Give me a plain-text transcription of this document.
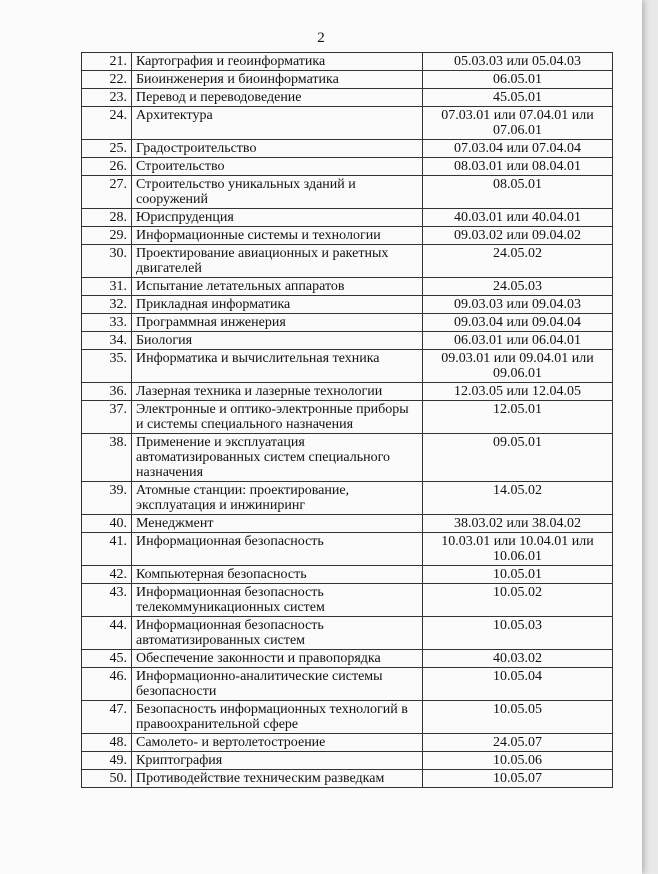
2
21.	Картография и геоинформатика	05.03.03 или 05.04.03
22.	Биоинженерия и биоинформатика	06.05.01
23.	Перевод и переводоведение	45.05.01
24.	Архитектура	07.03.01 или 07.04.01 или 07.06.01
25.	Градостроительство	07.03.04 или 07.04.04
26.	Строительство	08.03.01 или 08.04.01
27.	Строительство уникальных зданий и сооружений	08.05.01
28.	Юриспруденция	40.03.01 или 40.04.01
29.	Информационные системы и технологии	09.03.02 или 09.04.02
30.	Проектирование авиационных и ракетных двигателей	24.05.02
31.	Испытание летательных аппаратов	24.05.03
32.	Прикладная информатика	09.03.03 или 09.04.03
33.	Программная инженерия	09.03.04 или 09.04.04
34.	Биология	06.03.01 или 06.04.01
35.	Информатика и вычислительная техника	09.03.01 или 09.04.01 или 09.06.01
36.	Лазерная техника и лазерные технологии	12.03.05 или 12.04.05
37.	Электронные и оптико-электронные приборы и системы специального назначения	12.05.01
38.	Применение и эксплуатация автоматизированных систем специального назначения	09.05.01
39.	Атомные станции: проектирование, эксплуатация и инжиниринг	14.05.02
40.	Менеджмент	38.03.02 или 38.04.02
41.	Информационная безопасность	10.03.01 или 10.04.01 или 10.06.01
42.	Компьютерная безопасность	10.05.01
43.	Информационная безопасность телекоммуникационных систем	10.05.02
44.	Информационная безопасность автоматизированных систем	10.05.03
45.	Обеспечение законности и правопорядка	40.03.02
46.	Информационно-аналитические системы безопасности	10.05.04
47.	Безопасность информационных технологий в правоохранительной сфере	10.05.05
48.	Самолето- и вертолетостроение	24.05.07
49.	Криптография	10.05.06
50.	Противодействие техническим разведкам	10.05.07
